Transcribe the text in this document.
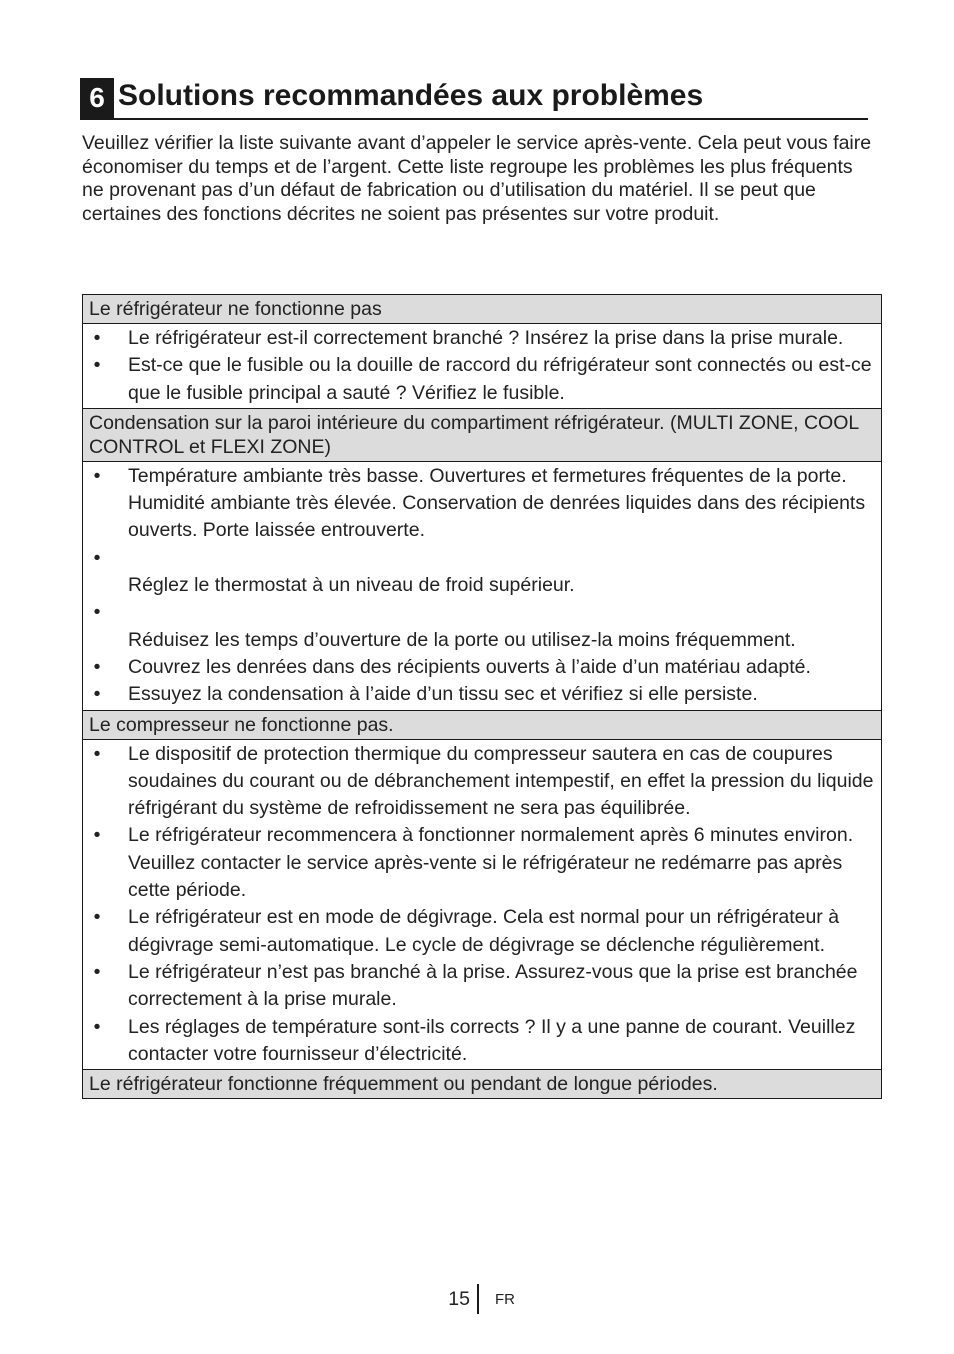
6 Solutions recommandées aux problèmes

Veuillez vérifier la liste suivante avant d’appeler le service après-vente. Cela peut vous faire économiser du temps et de l’argent. Cette liste regroupe les problèmes les plus fréquents ne provenant pas d’un défaut de fabrication ou d’utilisation du matériel. Il se peut que certaines des fonctions décrites ne soient pas présentes sur votre produit.

Le réfrigérateur ne fonctionne pas
• Le réfrigérateur est-il correctement branché ? Insérez la prise dans la prise murale.
• Est-ce que le fusible ou la douille de raccord du réfrigérateur sont connectés ou est-ce que le fusible principal a sauté ? Vérifiez le fusible.
Condensation sur la paroi intérieure du compartiment réfrigérateur. (MULTI ZONE, COOL CONTROL et FLEXI ZONE)
• Température ambiante très basse. Ouvertures et fermetures fréquentes de la porte. Humidité ambiante très élevée. Conservation de denrées liquides dans des récipients ouverts. Porte laissée entrouverte.
•
Réglez le thermostat à un niveau de froid supérieur.
•
Réduisez les temps d’ouverture de la porte ou utilisez-la moins fréquemment.
• Couvrez les denrées dans des récipients ouverts à l’aide d’un matériau adapté.
• Essuyez la condensation à l’aide d’un tissu sec et vérifiez si elle persiste.
Le compresseur ne fonctionne pas.
• Le dispositif de protection thermique du compresseur sautera en cas de coupures soudaines du courant ou de débranchement intempestif, en effet la pression du liquide réfrigérant du système de refroidissement ne sera pas équilibrée.
• Le réfrigérateur recommencera à fonctionner normalement après 6 minutes environ. Veuillez contacter le service après-vente si le réfrigérateur ne redémarre pas après cette période.
• Le réfrigérateur est en mode de dégivrage. Cela est normal pour un réfrigérateur à dégivrage semi-automatique. Le cycle de dégivrage se déclenche régulièrement.
• Le réfrigérateur n’est pas branché à la prise. Assurez-vous que la prise est branchée correctement à la prise murale.
• Les réglages de température sont-ils corrects ? Il y a une panne de courant. Veuillez contacter votre fournisseur d’électricité.
Le réfrigérateur fonctionne fréquemment ou pendant de longue périodes.
15 FR
